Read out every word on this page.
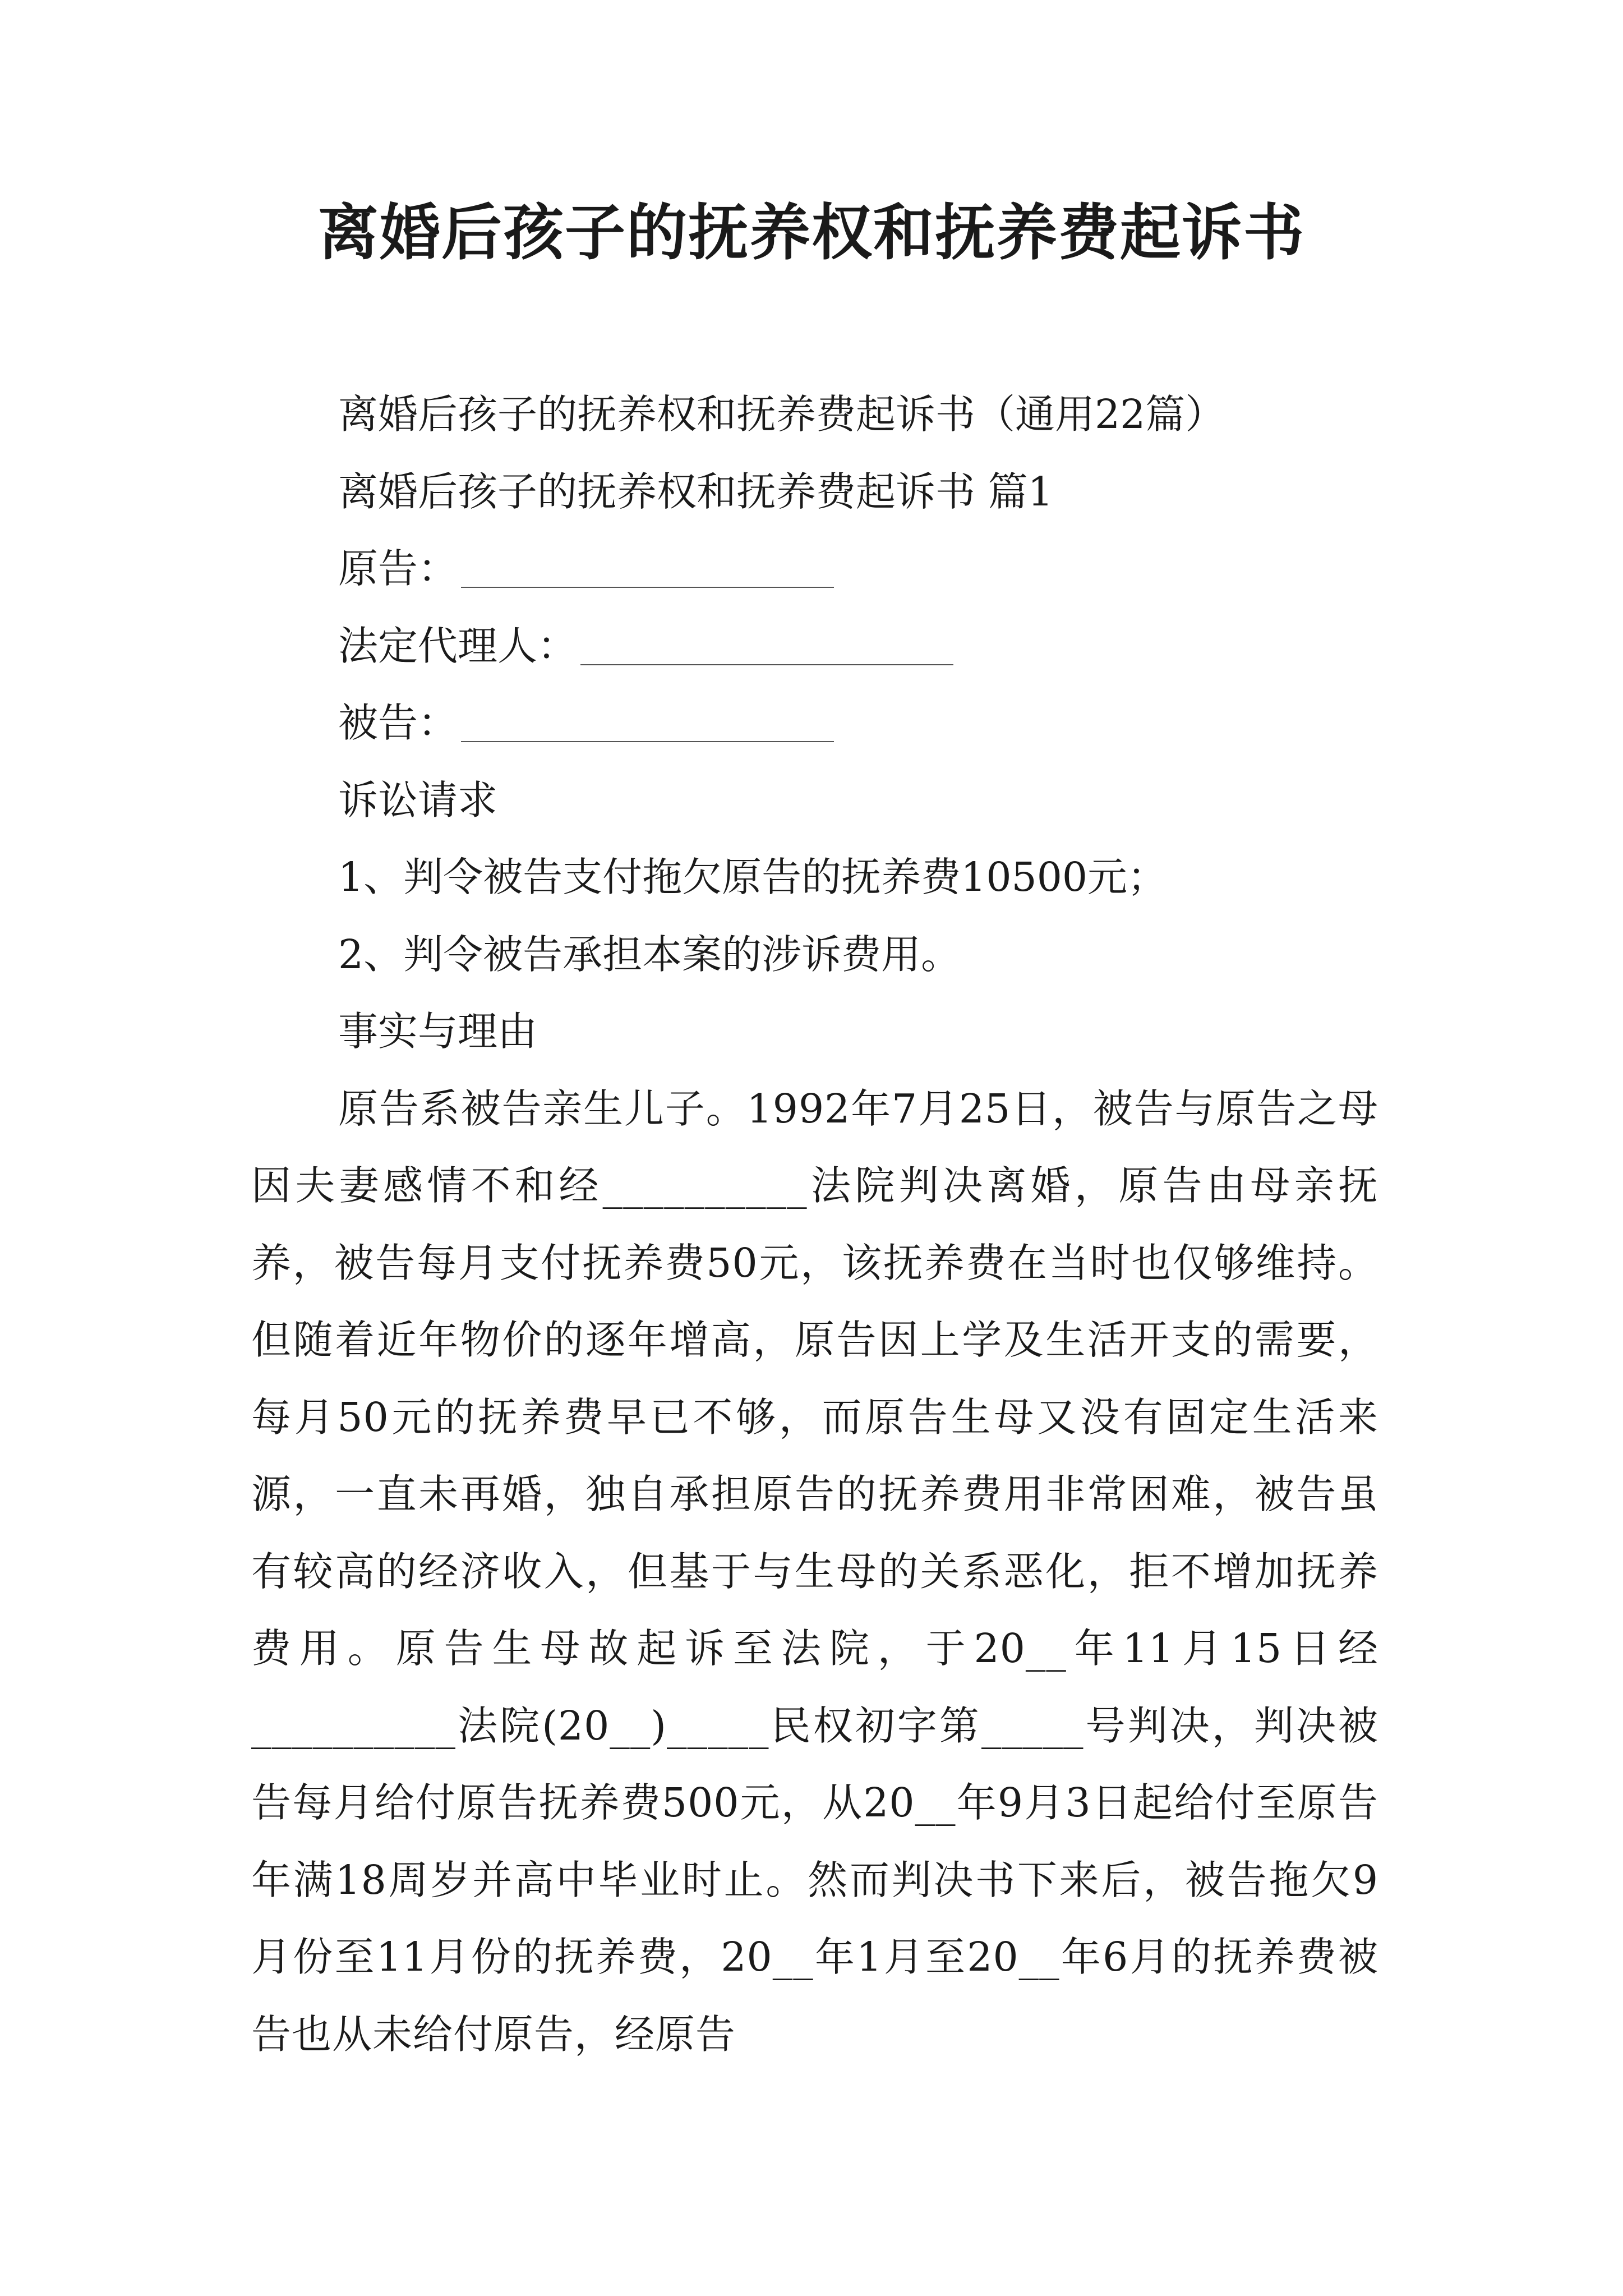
离婚后孩子的抚养权和抚养费起诉书

离婚后孩子的抚养权和抚养费起诉书（通用22篇）

离婚后孩子的抚养权和抚养费起诉书 篇1

原告：

法定代理人：

被告：

诉讼请求

1、判令被告支付拖欠原告的抚养费10500元；

2、判令被告承担本案的涉诉费用。

事实与理由

原告系被告亲生儿子。1992年7月25日，被告与原告之母因夫妻感情不和经__________法院判决离婚，原告由母亲抚养，被告每月支付抚养费50元，该抚养费在当时也仅够维持。但随着近年物价的逐年增高，原告因上学及生活开支的需要，每月50元的抚养费早已不够，而原告生母又没有固定生活来源，一直未再婚，独自承担原告的抚养费用非常困难，被告虽有较高的经济收入，但基于与生母的关系恶化，拒不增加抚养费用。原告生母故起诉至法院，于20__年11月15日经__________法院(20__)_____民权初字第_____号判决，判决被告每月给付原告抚养费500元，从20__年9月3日起给付至原告年满18周岁并高中毕业时止。然而判决书下来后，被告拖欠9月份至11月份的抚养费，20__年1月至20__年6月的抚养费被告也从未给付原告，经原告
